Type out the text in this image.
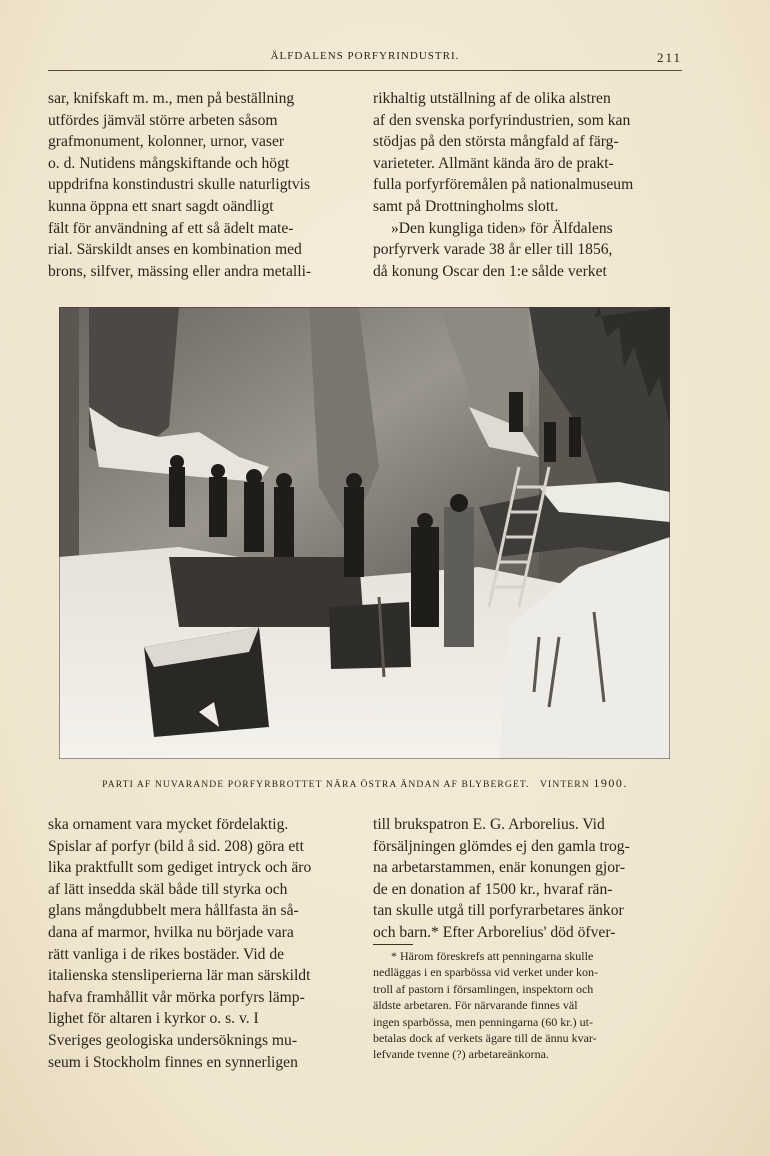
ÄLFDALENS PORFYRINDUSTRI.	211

sar, knifskaft m. m., men på beställning

utfördes jämväl större arbeten såsom

grafmonument, kolonner, urnor, vaser

o. d. Nutidens mångskiftande och högt

uppdrifna konstindustri skulle naturligtvis

kunna öppna ett snart sagdt oändligt

fält för användning af ett så ädelt mate-

rial. Särskildt anses en kombination med

brons, silfver, mässing eller andra metalli-

rikhaltig utställning af de olika alstren

af den svenska porfyrindustrien, som kan

stödjas på den största mångfald af färg-

varieteter. Allmänt kända äro de prakt-

fulla porfyrföremålen på nationalmuseum

samt på Drottningholms slott.

»Den kungliga tiden» för Älfdalens

porfyrverk varade 38 år eller till 1856,

då konung Oscar den 1:e sålde verket

PARTI AF NUVARANDE PORFYRBROTTET NÄRA ÖSTRA ÄNDAN AF BLYBERGET. VINTERN 1900.

ska ornament vara mycket fördelaktig.

Spislar af porfyr (bild å sid. 208) göra ett

lika praktfullt som gediget intryck och äro

af lätt insedda skäl både till styrka och

glans mångdubbelt mera hållfasta än så-

dana af marmor, hvilka nu började vara

rätt vanliga i de rikes bostäder. Vid de

italienska stensliperierna lär man särskildt

hafva framhållit vår mörka porfyrs lämp-

lighet för altaren i kyrkor o. s. v. I

Sveriges geologiska undersöknings mu-

seum i Stockholm finnes en synnerligen

till brukspatron E. G. Arborelius. Vid

försäljningen glömdes ej den gamla trog-

na arbetarstammen, enär konungen gjor-

de en donation af 1500 kr., hvaraf rän-

tan skulle utgå till porfyrarbetares änkor

och barn.* Efter Arborelius' död öfver-

* Härom föreskrefs att penningarna skulle

nedläggas i en sparbössa vid verket under kon-

troll af pastorn i församlingen, inspektorn och

äldste arbetaren. För närvarande finnes väl

ingen sparbössa, men penningarna (60 kr.) ut-

betalas dock af verkets ägare till de ännu kvar-

lefvande tvenne (?) arbetareänkorna.
